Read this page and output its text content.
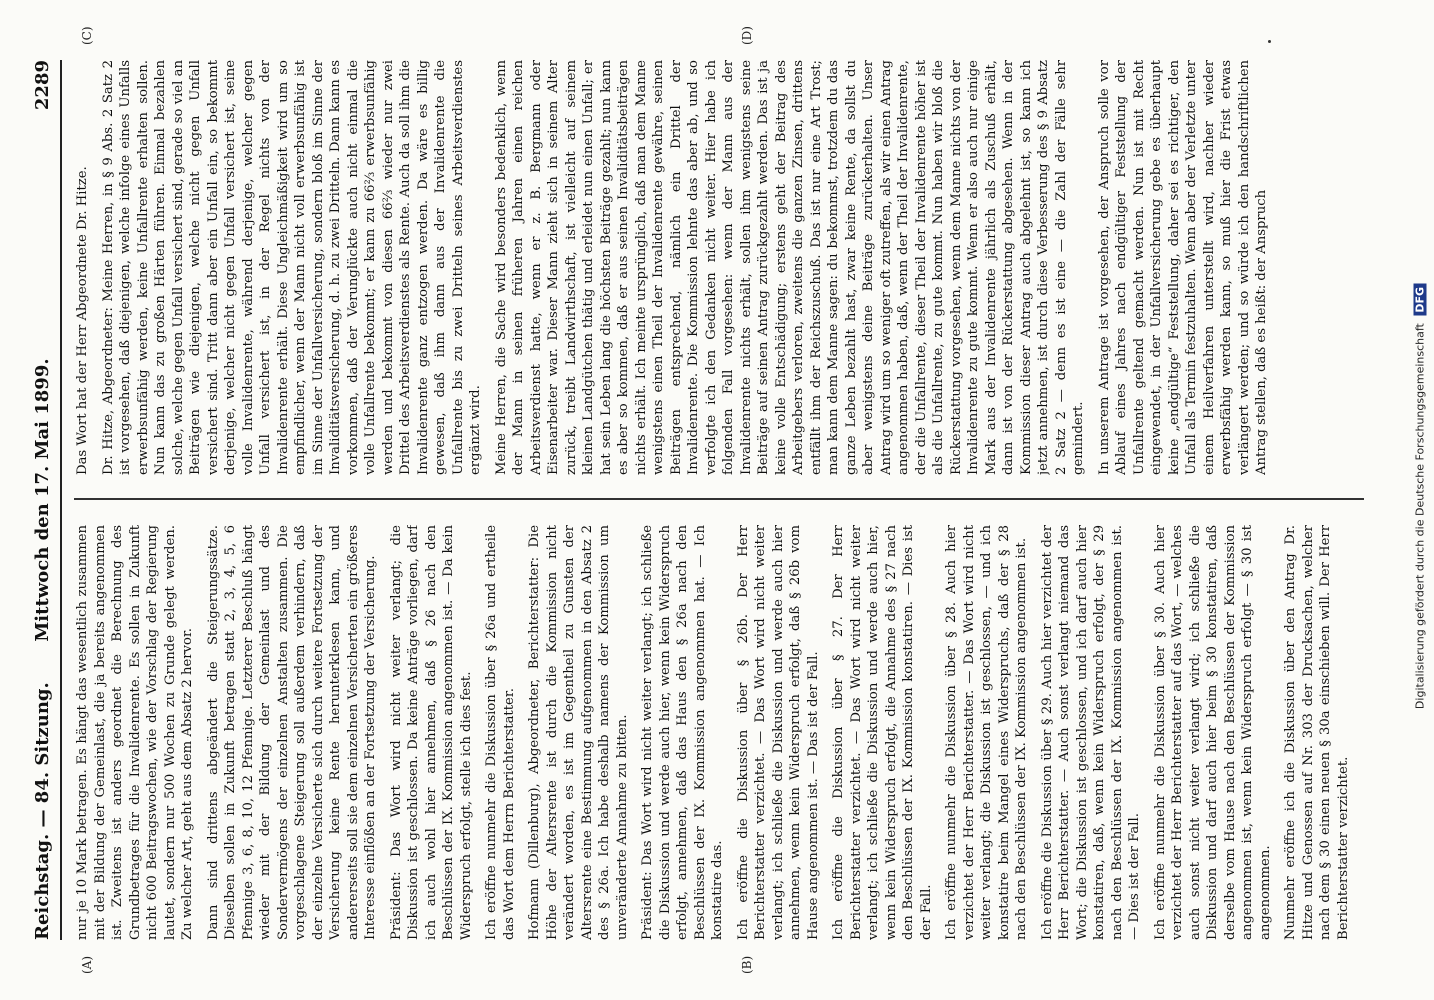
Reichstag. — 84. Sitzung.
Mittwoch den 17. Mai 1899.
2289
(A)	(B)
(C)	(D)

nur je 10 Mark betragen. Es hängt das wesentlich zusammen mit der Bildung der Gemeinlast, die ja bereits angenommen ist. Zweitens ist anders geordnet die Berechnung des Grundbetrages für die Invalidenrente. Es sollen in Zukunft nicht 600 Beitragswochen, wie der Vorschlag der Regierung lautet, sondern nur 500 Wochen zu Grunde gelegt werden. Zu welcher Art, geht aus dem Absatz 2 hervor. Dann sind drittens abgeändert die Steigerungssätze. Dieselben sollen in Zukunft betragen statt 2, 3, 4, 5, 6 Pfennige 3, 6, 8, 10, 12 Pfennige. Letzterer Beschluß hängt wieder mit der Bildung der Gemeinlast und des Sondervermögens der einzelnen Anstalten zusammen. Die vorgeschlagene Steigerung soll außerdem verhindern, daß der einzelne Versicherte sich durch weitere Fortsetzung der Versicherung keine Rente herunterklesen kann, und andererseits soll sie dem einzelnen Versicherten ein größeres Interesse einflößen an der Fortsetzung der Versicherung. Präsident: Das Wort wird nicht weiter verlangt; die Diskussion ist geschlossen. Da keine Anträge vorliegen, darf ich auch wohl hier annehmen, daß § 26 nach den Beschlüssen der IX. Kommission angenommen ist. — Da kein Widerspruch erfolgt, stelle ich dies fest. Ich eröffne nunmehr die Diskussion über § 26a und ertheile das Wort dem Herrn Berichterstatter. Hofmann (Dillenburg), Abgeordneter, Berichterstatter: Die Höhe der Altersrente ist durch die Kommission nicht verändert worden, es ist im Gegentheil zu Gunsten der Altersrente eine Bestimmung aufgenommen in den Absatz 2 des § 26a. Ich habe deshalb namens der Kommission um unveränderte Annahme zu bitten. Präsident: Das Wort wird nicht weiter verlangt; ich schließe die Diskussion und werde auch hier, wenn kein Widerspruch erfolgt, annehmen, daß das Haus den § 26a nach den Beschlüssen der IX. Kommission angenommen hat. — Ich konstatire das. Ich eröffne die Diskussion über § 26b. Der Herr Berichterstatter verzichtet. — Das Wort wird nicht weiter verlangt; ich schließe die Diskussion und werde auch hier annehmen, wenn kein Widerspruch erfolgt, daß § 26b vom Hause angenommen ist. — Das ist der Fall. Ich eröffne die Diskussion über § 27. Der Herr Berichterstatter verzichtet. — Das Wort wird nicht weiter verlangt; ich schließe die Diskussion und werde auch hier, wenn kein Widerspruch erfolgt, die Annahme des § 27 nach den Beschlüssen der IX. Kommission konstatiren. — Dies ist der Fall. Ich eröffne nunmehr die Diskussion über § 28. Auch hier verzichtet der Herr Berichterstatter. — Das Wort wird nicht weiter verlangt; die Diskussion ist geschlossen, — und ich konstatire beim Mangel eines Widerspruchs, daß der § 28 nach den Beschlüssen der IX. Kommission angenommen ist. Ich eröffne die Diskussion über § 29. Auch hier verzichtet der Herr Berichterstatter. — Auch sonst verlangt niemand das Wort; die Diskussion ist geschlossen, und ich darf auch hier konstatiren, daß, wenn kein Widerspruch erfolgt, der § 29 nach den Beschlüssen der IX. Kommission angenommen ist. — Dies ist der Fall. Ich eröffne nunmehr die Diskussion über § 30. Auch hier verzichtet der Herr Berichterstatter auf das Wort, — welches auch sonst nicht weiter verlangt wird; ich schließe die Diskussion und darf auch hier beim § 30 konstatiren, daß derselbe vom Hause nach den Beschlüssen der Kommission angenommen ist, wenn kein Widerspruch erfolgt — § 30 ist angenommen. Nunmehr eröffne ich die Diskussion über den Antrag Dr. Hitze und Genossen auf Nr. 303 der Drucksachen, welcher nach dem § 30 einen neuen § 30a einschieben will. Der Herr Berichterstatter verzichtet.

Das Wort hat der Herr Abgeordnete Dr. Hitze. Dr. Hitze, Abgeordneter: Meine Herren, in § 9 Abs. 2 Satz 2 ist vorgesehen, daß diejenigen, welche infolge eines Unfalls erwerbsunfähig werden, keine Unfallrente erhalten sollen. Nun kann das zu großen Härten führen. Einmal bezahlen solche, welche gegen Unfall versichert sind, gerade so viel an Beiträgen wie diejenigen, welche nicht gegen Unfall versichert sind. Tritt dann aber ein Unfall ein, so bekommt derjenige, welcher nicht gegen Unfall versichert ist, seine volle Invalidenrente, während derjenige, welcher gegen Unfall versichert ist, in der Regel nichts von der Invalidenrente erhält. Diese Ungleichmäßigkeit wird um so empfindlicher, wenn der Mann nicht voll erwerbsunfähig ist im Sinne der Unfallversicherung, sondern bloß im Sinne der Invaliditätsversicherung, d. h. zu zwei Dritteln. Dann kann es vorkommen, daß der Verunglückte auch nicht einmal die volle Unfallrente bekommt; er kann zu 66⅔ erwerbsunfähig werden und bekommt von diesen 66⅔ wieder nur zwei Drittel des Arbeitsverdienstes als Rente. Auch da soll ihm die Invalidenrente ganz entzogen werden. Da wäre es billig gewesen, daß ihm dann aus der Invalidenrente die Unfallrente bis zu zwei Dritteln seines Arbeitsverdienstes ergänzt wird. Meine Herren, die Sache wird besonders bedenklich, wenn der Mann in seinen früheren Jahren einen reichen Arbeitsverdienst hatte, wenn er z. B. Bergmann oder Eisenarbeiter war. Dieser Mann zieht sich in seinem Alter zurück, treibt Landwirthschaft, ist vielleicht auf seinem kleinen Landgütchen thätig und erleidet nun einen Unfall; er hat sein Leben lang die höchsten Beiträge gezahlt; nun kann es aber so kommen, daß er aus seinen Invaliditätsbeiträgen nichts erhält. Ich meinte ursprünglich, daß man dem Manne wenigstens einen Theil der Invalidenrente gewähre, seinen Beiträgen entsprechend, nämlich ein Drittel der Invalidenrente. Die Kommission lehnte das aber ab, und so verfolgte ich den Gedanken nicht weiter. Hier habe ich folgenden Fall vorgesehen: wenn der Mann aus der Invalidenrente nichts erhält, sollen ihm wenigstens seine Beiträge auf seinen Antrag zurückgezahlt werden. Das ist ja keine volle Entschädigung; erstens geht der Beitrag des Arbeitgebers verloren, zweitens die ganzen Zinsen, drittens entfällt ihm der Reichszuschuß. Das ist nur eine Art Trost; man kann dem Manne sagen: du bekommst, trotzdem du das ganze Leben bezahlt hast, zwar keine Rente, da sollst du aber wenigstens deine Beiträge zurückerhalten. Unser Antrag wird um so weniger oft zutreffen, als wir einen Antrag angenommen haben, daß, wenn der Theil der Invalidenrente, der die Unfallrente, dieser Theil der Invalidenrente höher ist als die Unfallrente, zu gute kommt. Nun haben wir bloß die Rückerstattung vorgesehen, wenn dem Manne nichts von der Invalidenrente zu gute kommt. Wenn er also auch nur einige Mark aus der Invalidenrente jährlich als Zuschuß erhält, dann ist von der Rückerstattung abgesehen. Wenn in der Kommission dieser Antrag auch abgelehnt ist, so kann ich jetzt annehmen, ist durch diese Verbesserung des § 9 Absatz 2 Satz 2 — denn es ist eine — die Zahl der Fälle sehr gemindert. In unserem Antrage ist vorgesehen, der Anspruch solle vor Ablauf eines Jahres nach endgültiger Feststellung der Unfallrente geltend gemacht werden. Nun ist mit Recht eingewendet, in der Unfallversicherung gebe es überhaupt keine „endgültige“ Feststellung, daher sei es richtiger, den Unfall als Termin festzuhalten. Wenn aber der Verletzte unter einem Heilverfahren unterstellt wird, nachher wieder erwerbsfähig werden kann, so muß hier die Frist etwas verlängert werden; und so würde ich den handschriftlichen Antrag stellen, daß es heißt: der Anspruch	Digitalisierung gefördert durch die Deutsche Forschungsgemeinschaft DFG
